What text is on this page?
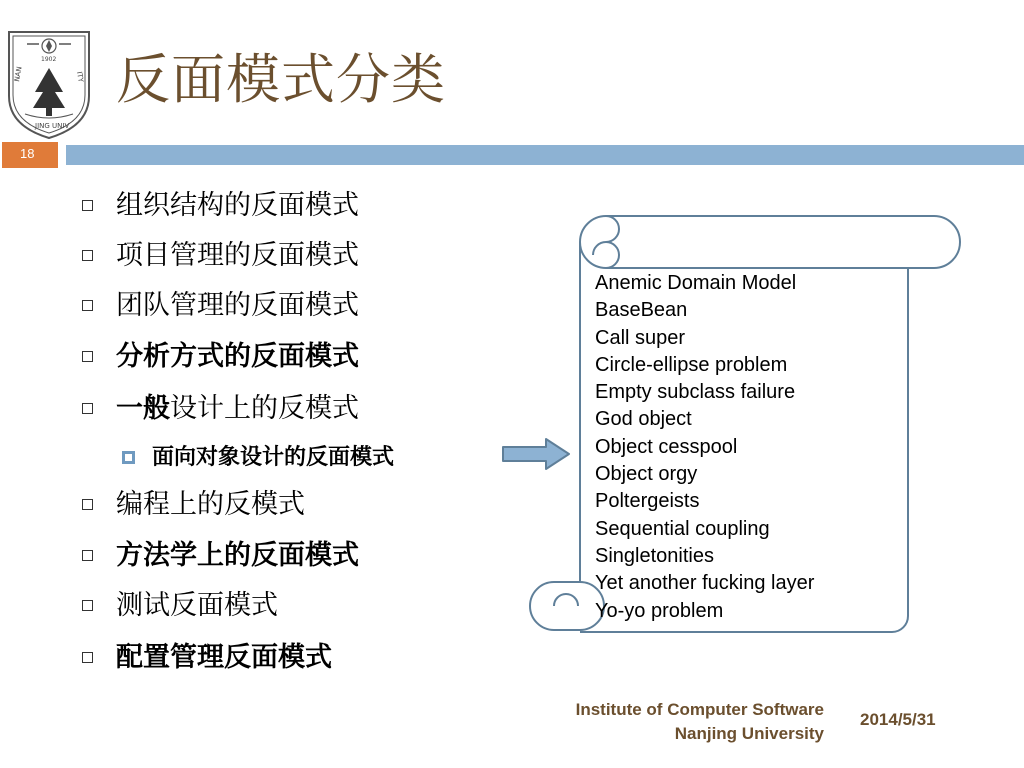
NAN	ITY
JING UNIV
1902 反面模式分类
18
组织结构的反面模式
项目管理的反面模式
团队管理的反面模式
分析方式的反面模式
一般设计上的反模式
编程上的反模式
方法学上的反面模式
测试反面模式
配置管理反面模式
面向对象设计的反面模式
Anemic Domain Model
BaseBean
Call super
Circle-ellipse problem
Empty subclass failure
God object
Object cesspool
Object orgy
Poltergeists
Sequential coupling
Singletonities
Yet another fucking layer
Yo-yo problem
Institute of Computer Software
Nanjing University
2014/5/31
